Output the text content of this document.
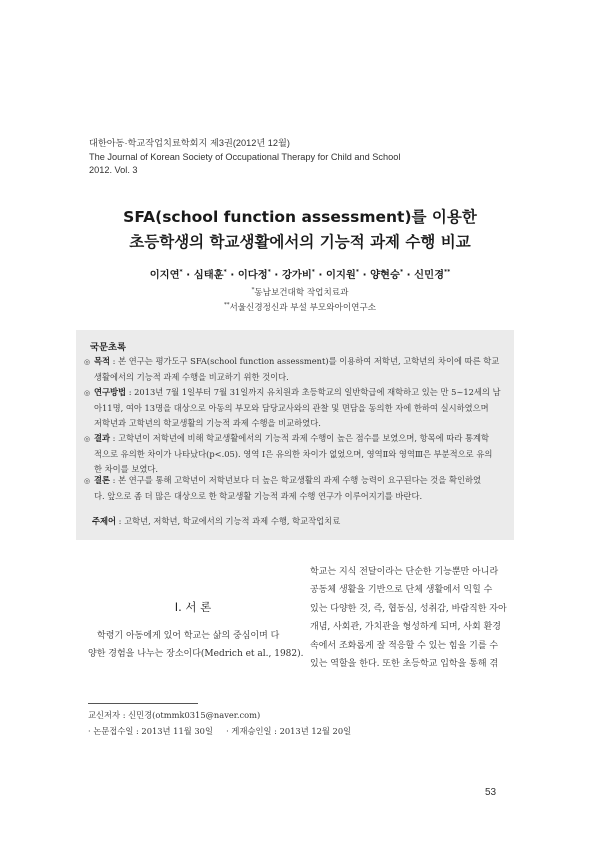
대한아동·학교작업치료학회지 제3권(2012년 12월)
The Journal of Korean Society of Occupational Therapy for Child and School
2012. Vol. 3
SFA(school function assessment)를 이용한
초등학생의 학교생활에서의 기능적 과제 수행 비교
이지연* · 심태훈* · 이다정* · 강가비* · 이지원* · 양현승* · 신민경**
*동남보건대학 작업치료과
**서울신경정신과 부설 부모와아이연구소
국문초록
◎ 목적 : 본 연구는 평가도구 SFA(school function assessment)를 이용하여 저학년, 고학년의 차이에 따른 학교
생활에서의 기능적 과제 수행을 비교하기 위한 것이다.
◎ 연구방법 : 2013년 7월 1일부터 7월 31일까지 유치원과 초등학교의 일반학급에 재학하고 있는 만 5~12세의 남
아11명, 여아 13명을 대상으로 아동의 부모와 담당교사와의 관찰 및 면담을 동의한 자에 한하여 실시하였으며
저학년과 고학년의 학교생활의 기능적 과제 수행을 비교하였다.
◎ 결과 : 고학년이 저학년에 비해 학교생활에서의 기능적 과제 수행이 높은 점수를 보였으며, 항목에 따라 통계학
적으로 유의한 차이가 나타났다(p<.05). 영역 Ⅰ은 유의한 차이가 없었으며, 영역Ⅱ와 영역Ⅲ은 부분적으로 유의
한 차이를 보였다.
◎ 결론 : 본 연구를 통해 고학년이 저학년보다 더 높은 학교생활의 과제 수행 능력이 요구된다는 것을 확인하였
다. 앞으로 좀 더 많은 대상으로 한 학교생활 기능적 과제 수행 연구가 이루어지기를 바란다.
주제어 : 고학년, 저학년, 학교에서의 기능적 과제 수행, 학교작업치료
Ⅰ. 서 론
학령기 아동에게 있어 학교는 삶의 중심이며 다
양한 경험을 나누는 장소이다(Medrich et al., 1982).
학교는 지식 전달이라는 단순한 기능뿐만 아니라
공동체 생활을 기반으로 단체 생활에서 익힐 수
있는 다양한 것, 즉, 협동심, 성취감, 바람직한 자아
개념, 사회관, 가치관을 형성하게 되며, 사회 환경
속에서 조화롭게 잘 적응할 수 있는 힘을 기를 수
있는 역할을 한다. 또한 초등학교 입학을 통해 겪
교신저자 : 신민경(otmmk0315@naver.com)
· 논문접수일 : 2013년 11월 30일 · 게재승인일 : 2013년 12월 20일
53
